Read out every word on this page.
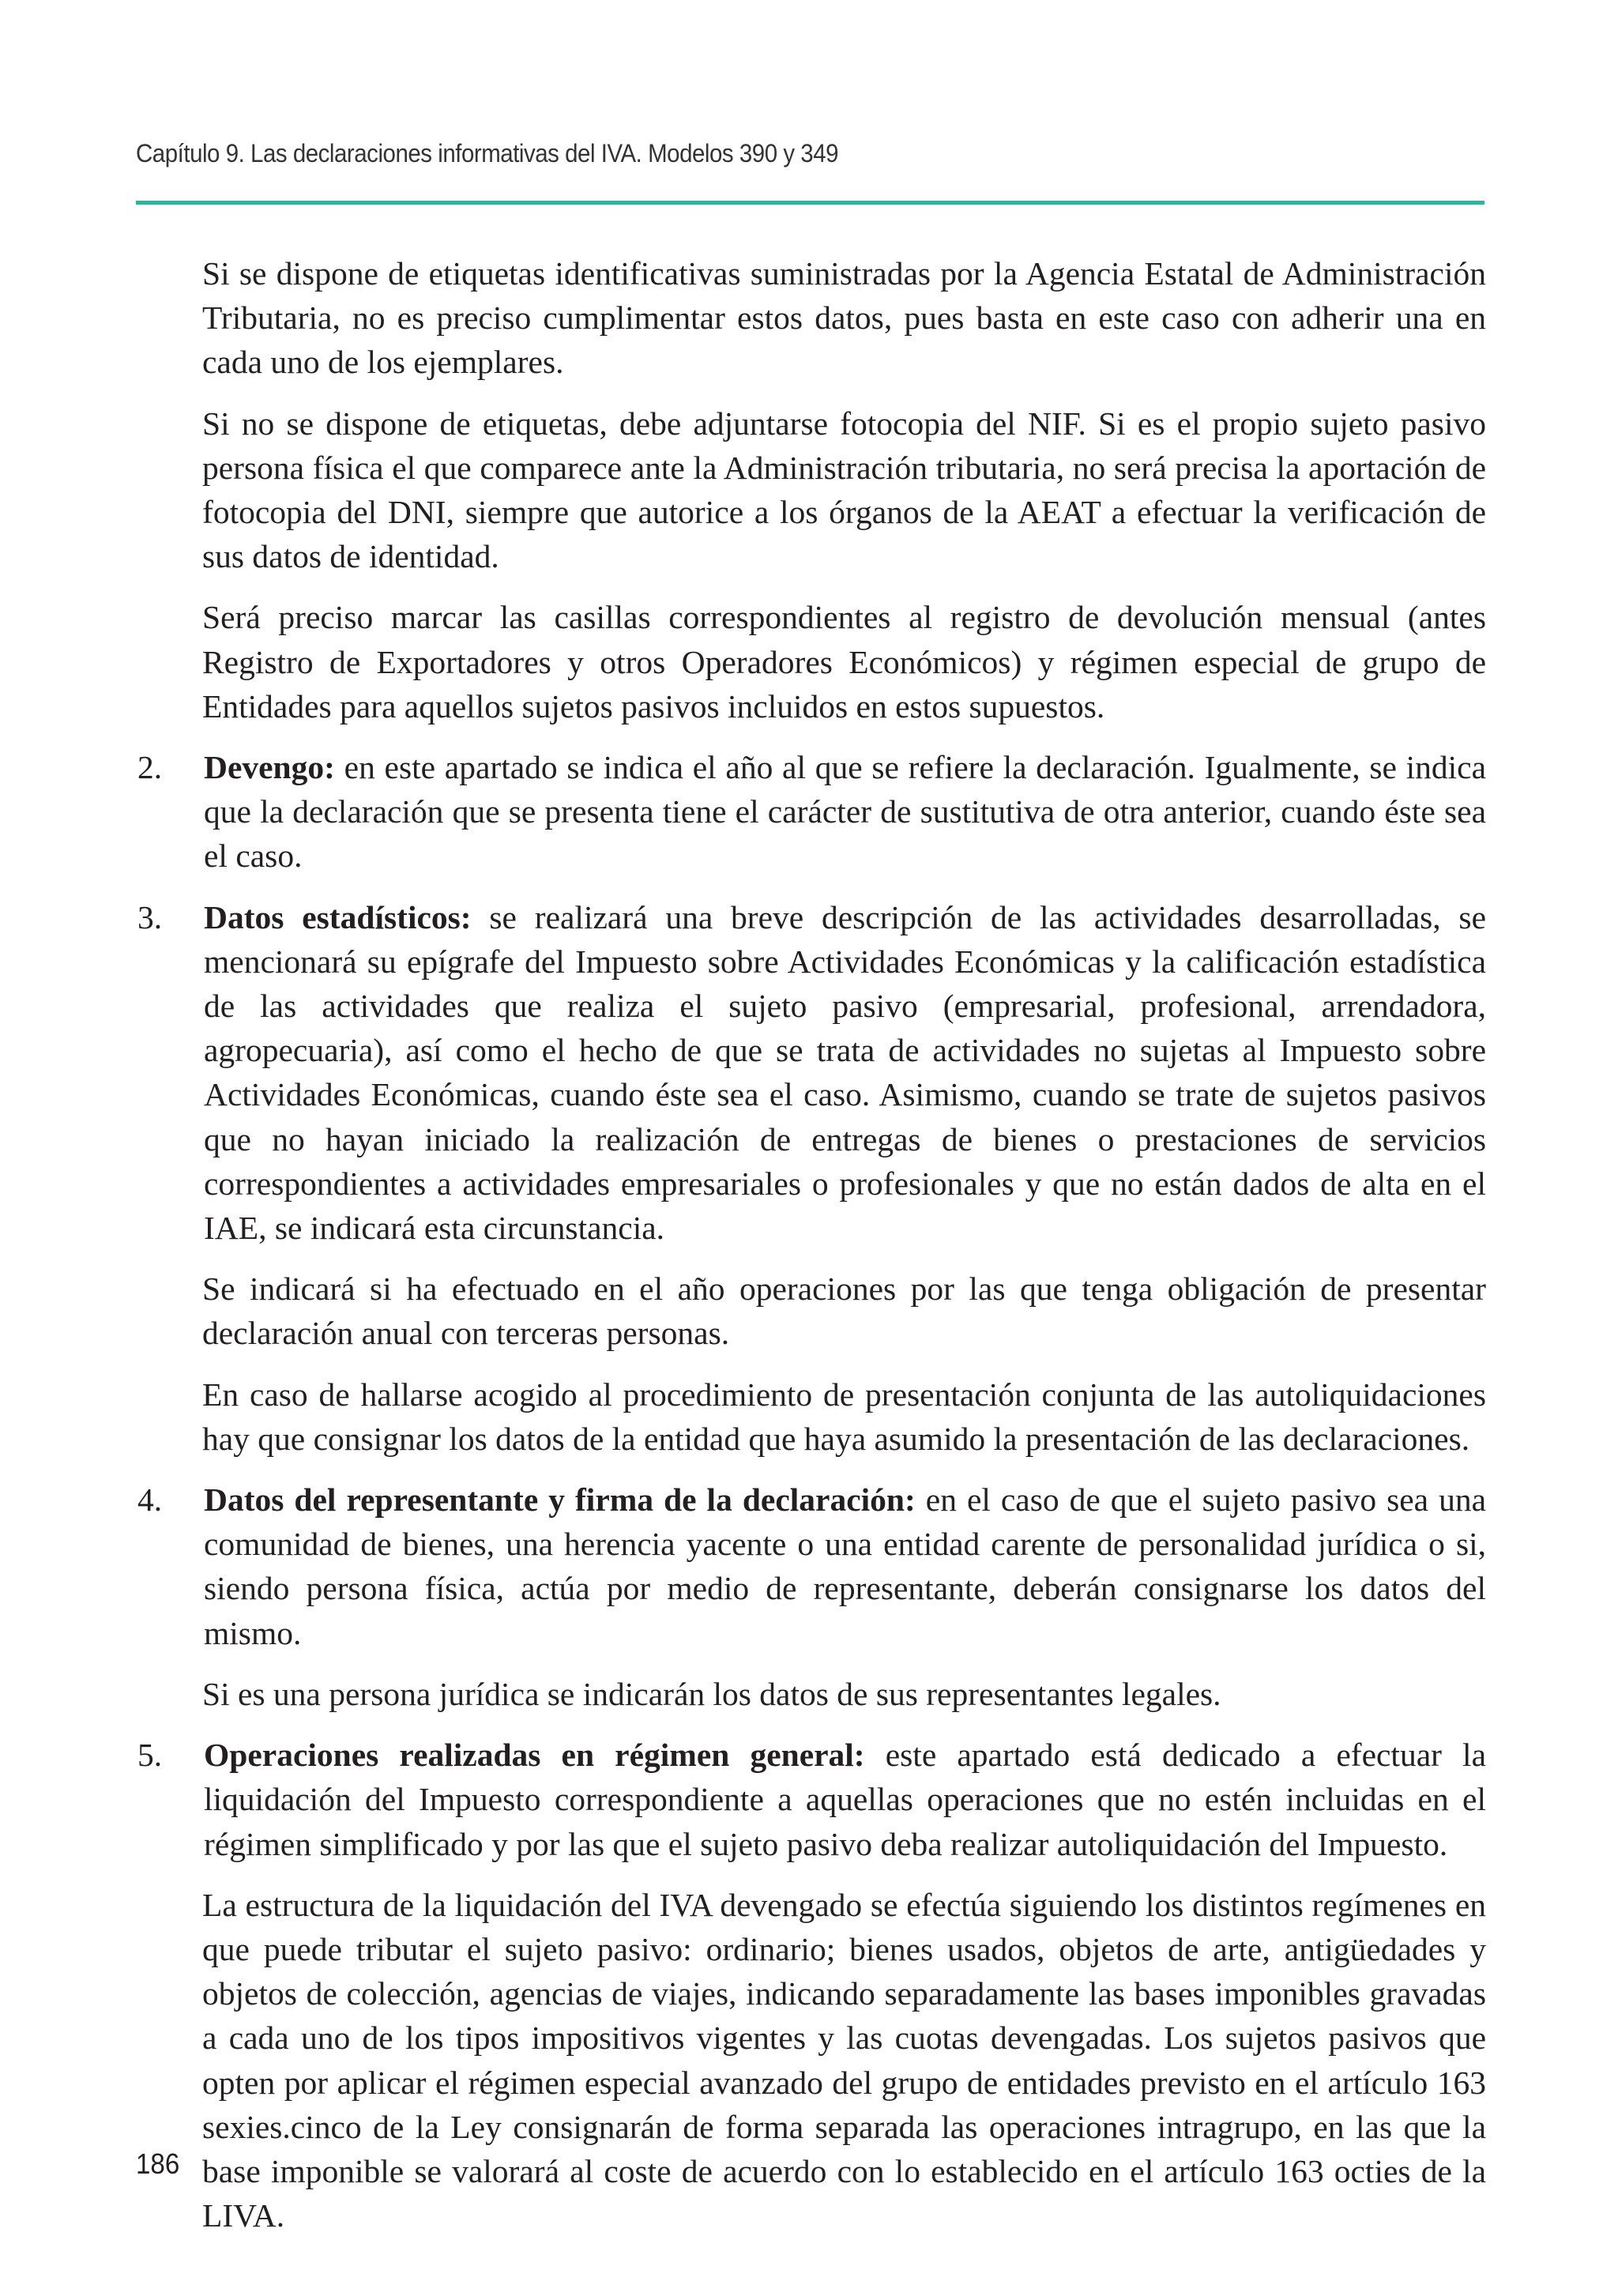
Capítulo 9. Las declaraciones informativas del IVA. Modelos 390 y 349

Si se dispone de etiquetas identificativas suministradas por la Agencia Estatal de Administración Tributaria, no es preciso cumplimentar estos datos, pues basta en este caso con adherir una en cada uno de los ejemplares.

Si no se dispone de etiquetas, debe adjuntarse fotocopia del NIF. Si es el propio sujeto pasivo persona física el que comparece ante la Administración tributaria, no será precisa la aportación de fotocopia del DNI, siempre que autorice a los órganos de la AEAT a efectuar la verificación de sus datos de identidad.

Será preciso marcar las casillas correspondientes al registro de devolución mensual (antes Registro de Exportadores y otros Operadores Económicos) y régimen especial de grupo de Entidades para aquellos sujetos pasivos incluidos en estos supuestos.

2.	Devengo: en este apartado se indica el año al que se refiere la declaración. Igualmente, se indica que la declaración que se presenta tiene el carácter de sustitutiva de otra anterior, cuando éste sea el caso.
3.	Datos estadísticos: se realizará una breve descripción de las actividades desarrolladas, se mencionará su epígrafe del Impuesto sobre Actividades Económicas y la calificación estadística de las actividades que realiza el sujeto pasivo (empresarial, profesional, arrendadora, agropecuaria), así como el hecho de que se trata de actividades no sujetas al Impuesto sobre Actividades Económicas, cuando éste sea el caso. Asimismo, cuando se trate de sujetos pasivos que no hayan iniciado la realización de entregas de bienes o prestaciones de servicios correspondientes a actividades empresariales o profesionales y que no están dados de alta en el IAE, se indicará esta circunstancia.

Se indicará si ha efectuado en el año operaciones por las que tenga obligación de presentar declaración anual con terceras personas.

En caso de hallarse acogido al procedimiento de presentación conjunta de las autoliquidaciones hay que consignar los datos de la entidad que haya asumido la presentación de las declaraciones.

4.	Datos del representante y firma de la declaración: en el caso de que el sujeto pasivo sea una comunidad de bienes, una herencia yacente o una entidad carente de personalidad jurídica o si, siendo persona física, actúa por medio de representante, deberán consignarse los datos del mismo.

Si es una persona jurídica se indicarán los datos de sus representantes legales.

5.	Operaciones realizadas en régimen general: este apartado está dedicado a efectuar la liquidación del Impuesto correspondiente a aquellas operaciones que no estén incluidas en el régimen simplificado y por las que el sujeto pasivo deba realizar autoliquidación del Impuesto.

La estructura de la liquidación del IVA devengado se efectúa siguiendo los distintos regímenes en que puede tributar el sujeto pasivo: ordinario; bienes usados, objetos de arte, antigüedades y objetos de colección, agencias de viajes, indicando separadamente las bases imponibles gravadas a cada uno de los tipos impositivos vigentes y las cuotas devengadas. Los sujetos pasivos que opten por aplicar el régimen especial avanzado del grupo de entidades previsto en el artículo 163 sexies.cinco de la Ley consignarán de forma separada las operaciones intragrupo, en las que la base imponible se valorará al coste de acuerdo con lo establecido en el artículo 163 octies de la LIVA.

186
